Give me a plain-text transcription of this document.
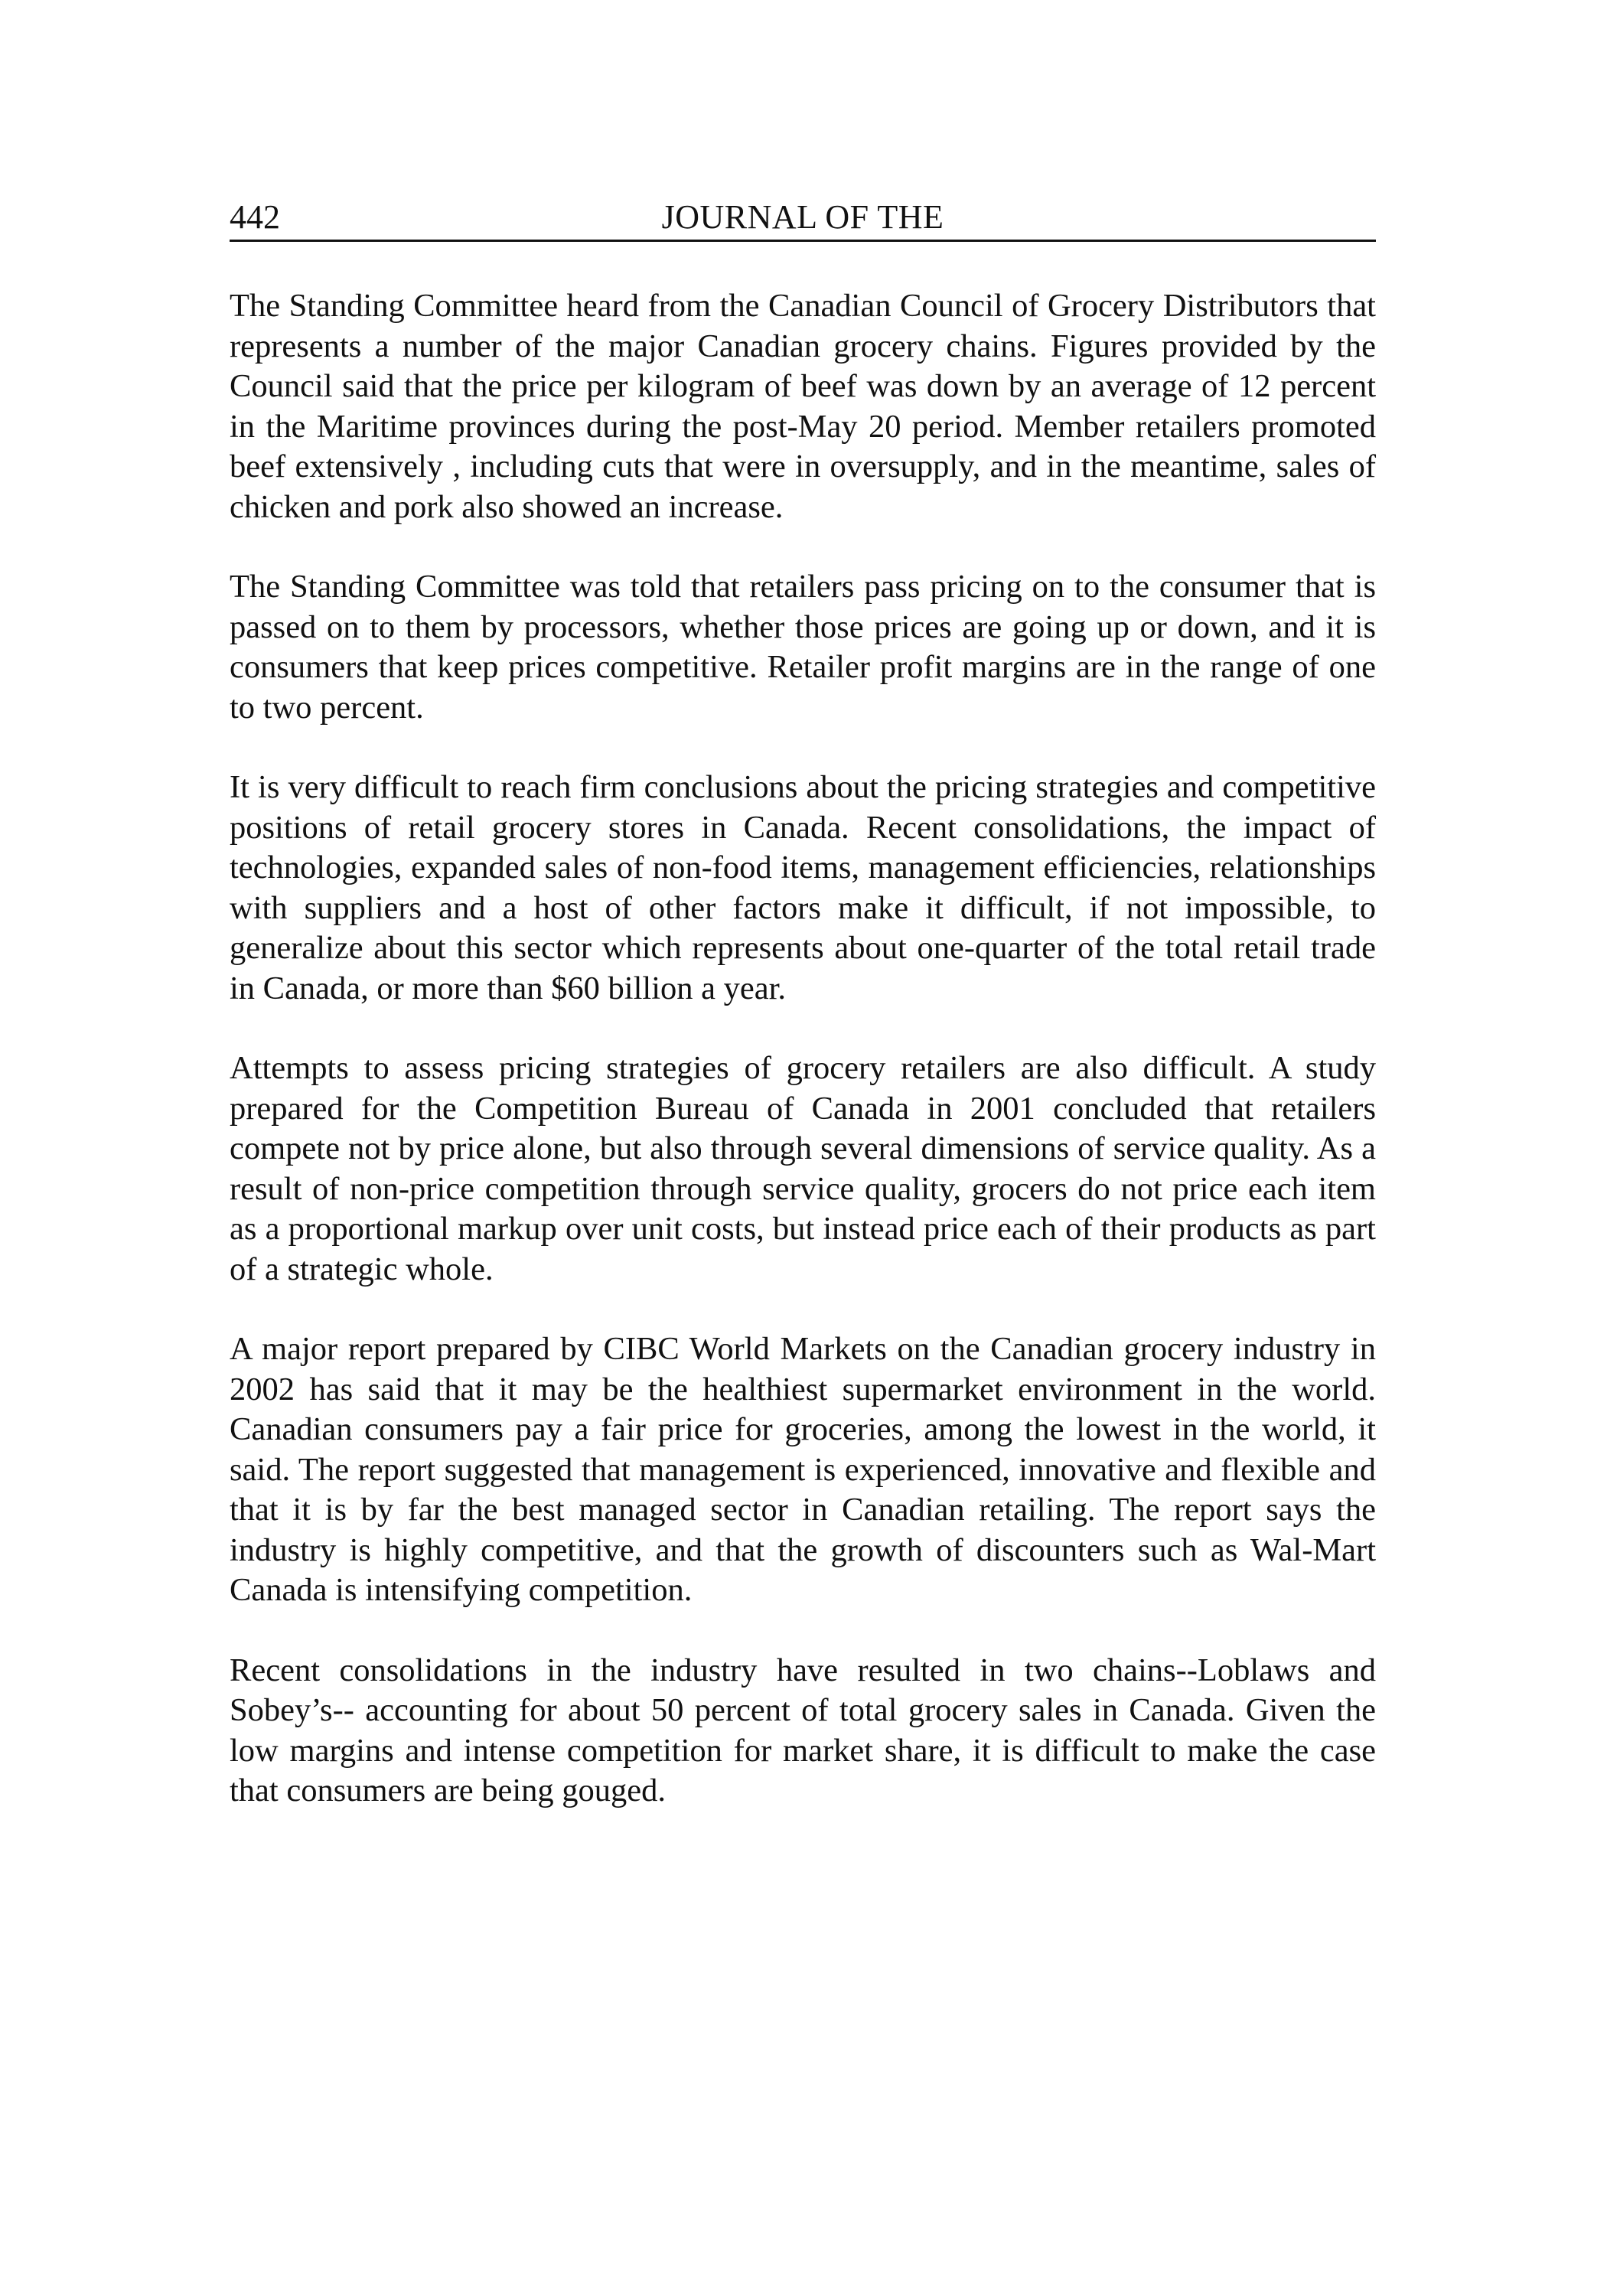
442	JOURNAL OF THE

The Standing Committee heard from the Canadian Council of Grocery Distributors that represents a number of the major Canadian grocery chains. Figures provided by the Council said that the price per kilogram of beef was down by an average of 12 percent in the Maritime provinces during the post-May 20 period. Member retailers promoted beef extensively , including cuts that were in oversupply, and in the meantime, sales of chicken and pork also showed an increase.

The Standing Committee was told that retailers pass pricing on to the consumer that is passed on to them by processors, whether those prices are going up or down, and it is consumers that keep prices competitive. Retailer profit margins are in the range of one to two percent.

It is very difficult to reach firm conclusions about the pricing strategies and competitive positions of retail grocery stores in Canada. Recent consolidations, the impact of technologies, expanded sales of non-food items, management efficiencies, relationships with suppliers and a host of other factors make it difficult, if not impossible, to generalize about this sector which represents about one-quarter of the total retail trade in Canada, or more than $60 billion a year.

Attempts to assess pricing strategies of grocery retailers are also difficult. A study prepared for the Competition Bureau of Canada in 2001 concluded that retailers compete not by price alone, but also through several dimensions of service quality. As a result of non-price competition through service quality, grocers do not price each item as a proportional markup over unit costs, but instead price each of their products as part of a strategic whole.

A major report prepared by CIBC World Markets on the Canadian grocery industry in 2002 has said that it may be the healthiest supermarket environment in the world. Canadian consumers pay a fair price for groceries, among the lowest in the world, it said. The report suggested that management is experienced, innovative and flexible and that it is by far the best managed sector in Canadian retailing. The report says the industry is highly competitive, and that the growth of discounters such as Wal-Mart Canada is intensifying competition.

Recent consolidations in the industry have resulted in two chains--Loblaws and Sobey’s-- accounting for about 50 percent of total grocery sales in Canada. Given the low margins and intense competition for market share, it is difficult to make the case that consumers are being gouged.
